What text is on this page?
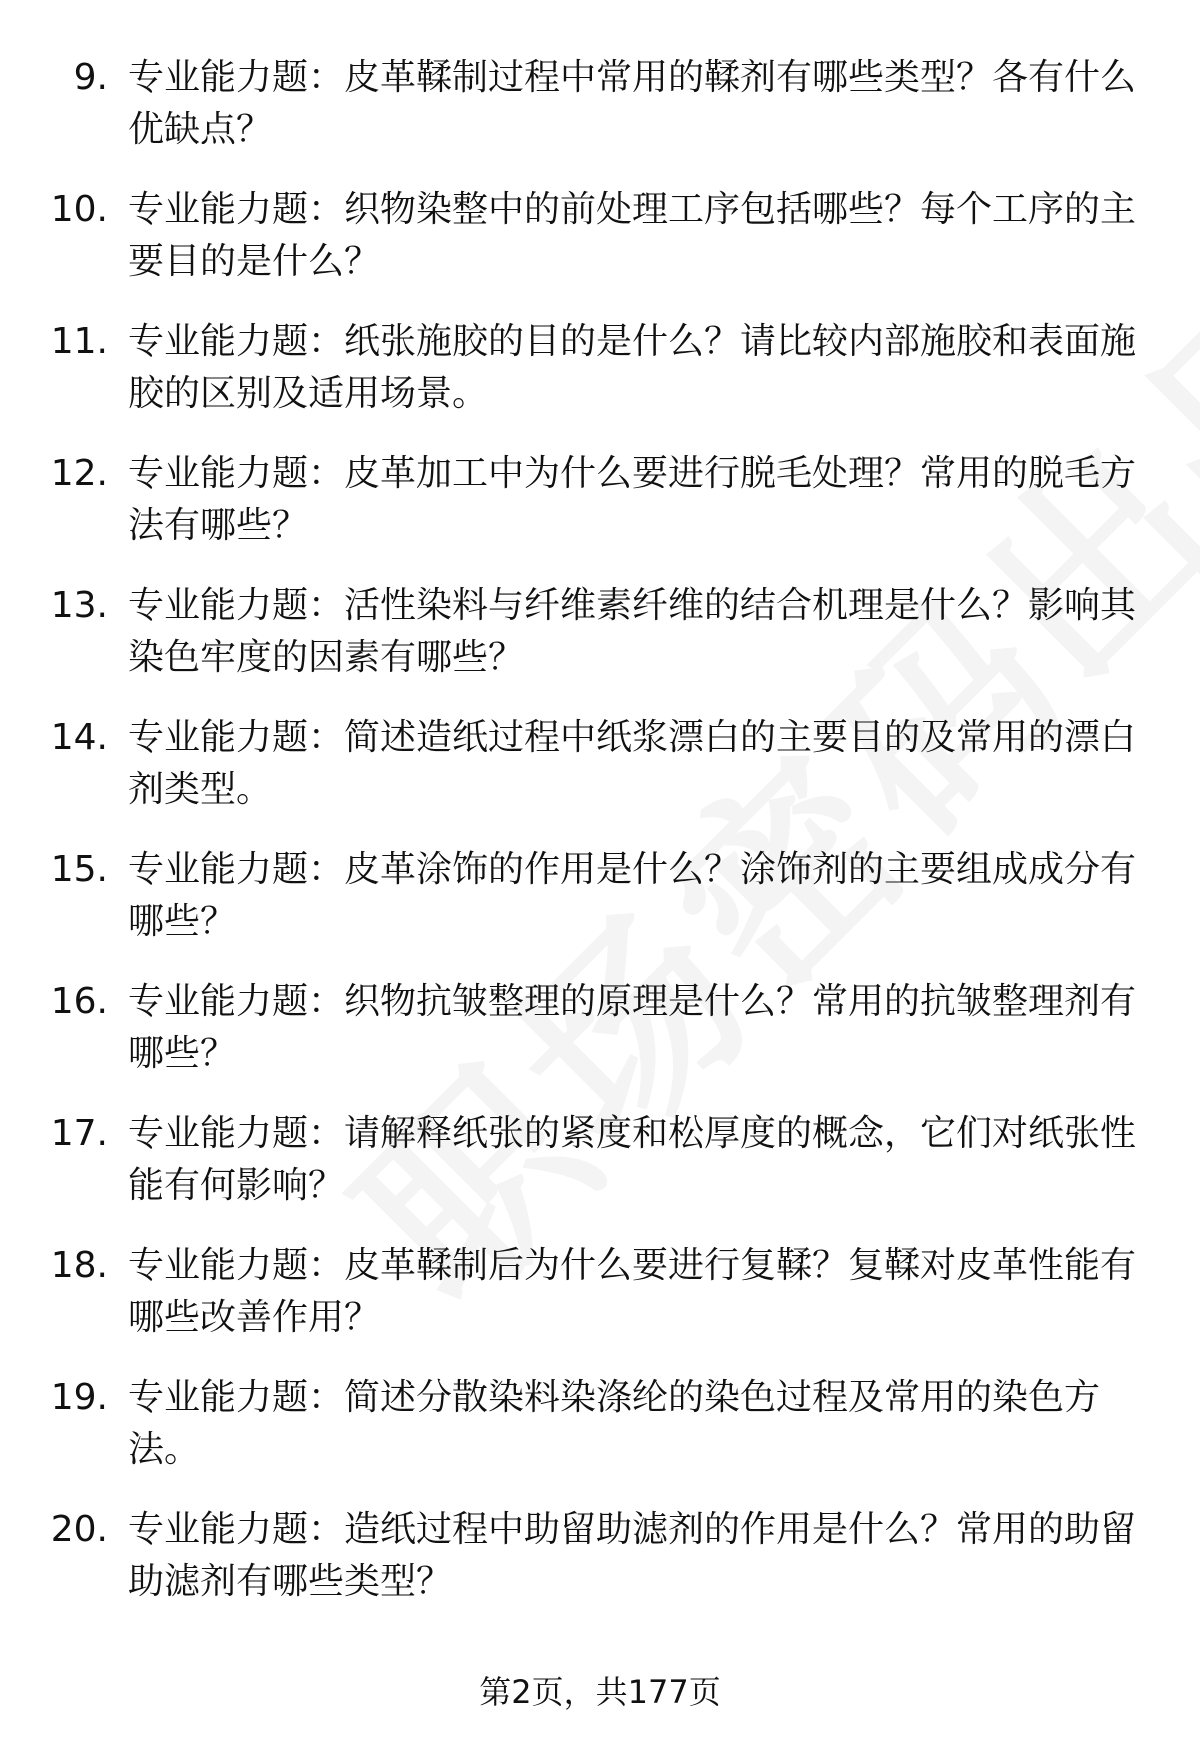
9. 专业能力题：皮革鞣制过程中常用的鞣剂有哪些类型？各有什么优缺点？
10. 专业能力题：织物染整中的前处理工序包括哪些？每个工序的主要目的是什么？
11. 专业能力题：纸张施胶的目的是什么？请比较内部施胶和表面施胶的区别及适用场景。
12. 专业能力题：皮革加工中为什么要进行脱毛处理？常用的脱毛方法有哪些？
13. 专业能力题：活性染料与纤维素纤维的结合机理是什么？影响其染色牢度的因素有哪些？
14. 专业能力题：简述造纸过程中纸浆漂白的主要目的及常用的漂白剂类型。
15. 专业能力题：皮革涂饰的作用是什么？涂饰剂的主要组成成分有哪些？
16. 专业能力题：织物抗皱整理的原理是什么？常用的抗皱整理剂有哪些？
17. 专业能力题：请解释纸张的紧度和松厚度的概念，它们对纸张性能有何影响？
18. 专业能力题：皮革鞣制后为什么要进行复鞣？复鞣对皮革性能有哪些改善作用？
19. 专业能力题：简述分散染料染涤纶的染色过程及常用的染色方法。
20. 专业能力题：造纸过程中助留助滤剂的作用是什么？常用的助留助滤剂有哪些类型？
第2页，共177页
